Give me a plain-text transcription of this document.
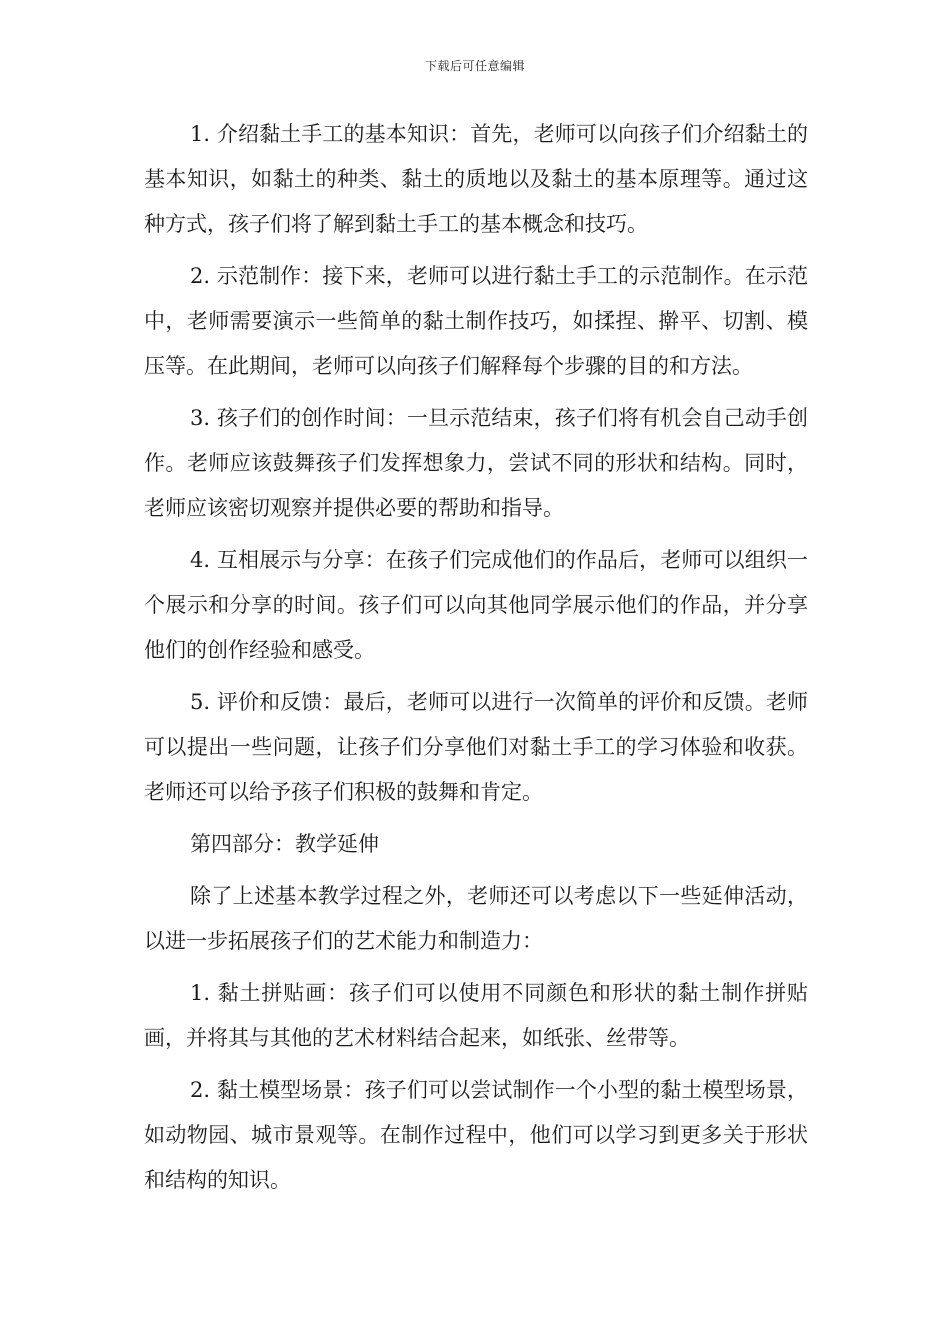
下载后可任意编辑

1. 介绍黏土手工的基本知识：首先，老师可以向孩子们介绍黏土的基本知识，如黏土的种类、黏土的质地以及黏土的基本原理等。通过这种方式，孩子们将了解到黏土手工的基本概念和技巧。

2. 示范制作：接下来，老师可以进行黏土手工的示范制作。在示范中，老师需要演示一些简单的黏土制作技巧，如揉捏、擀平、切割、模压等。在此期间，老师可以向孩子们解释每个步骤的目的和方法。

3. 孩子们的创作时间：一旦示范结束，孩子们将有机会自己动手创作。老师应该鼓舞孩子们发挥想象力，尝试不同的形状和结构。同时，老师应该密切观察并提供必要的帮助和指导。

4. 互相展示与分享：在孩子们完成他们的作品后，老师可以组织一个展示和分享的时间。孩子们可以向其他同学展示他们的作品，并分享他们的创作经验和感受。

5. 评价和反馈：最后，老师可以进行一次简单的评价和反馈。老师可以提出一些问题，让孩子们分享他们对黏土手工的学习体验和收获。老师还可以给予孩子们积极的鼓舞和肯定。

第四部分：教学延伸

除了上述基本教学过程之外，老师还可以考虑以下一些延伸活动，以进一步拓展孩子们的艺术能力和制造力：

1. 黏土拼贴画：孩子们可以使用不同颜色和形状的黏土制作拼贴画，并将其与其他的艺术材料结合起来，如纸张、丝带等。

2. 黏土模型场景：孩子们可以尝试制作一个小型的黏土模型场景，如动物园、城市景观等。在制作过程中，他们可以学习到更多关于形状和结构的知识。
